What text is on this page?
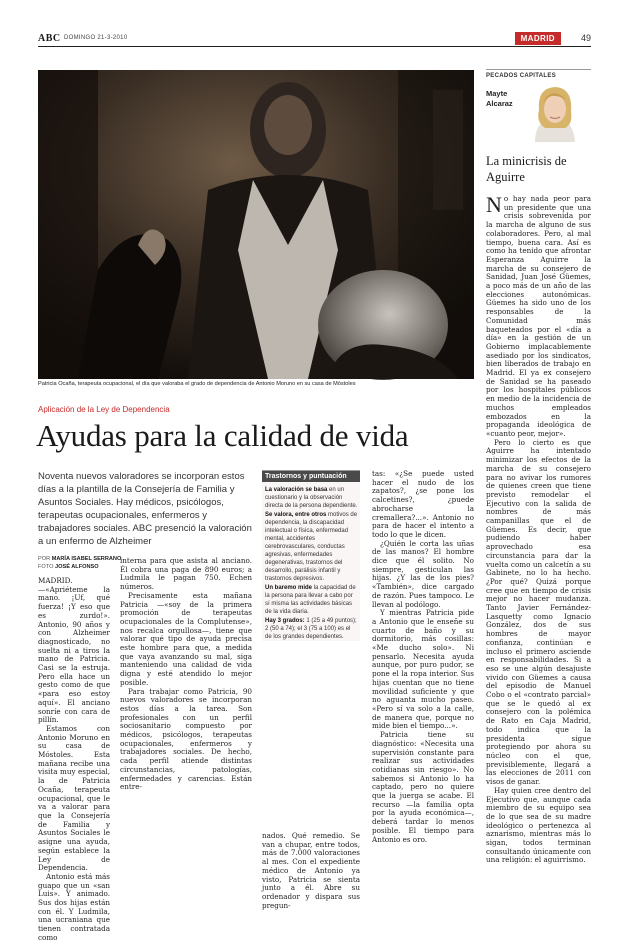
ABC DOMINGO 21-3-2010	MADRID	49
Patricia Ocaña, terapeuta ocupacional, el día que valoraba el grado de dependencia de Antonio Moruno en su casa de Móstoles
Aplicación de la Ley de Dependencia
Ayudas para la calidad de vida

Noventa nuevos valoradores se incorporan estos días a la plantilla de la Consejería de Familia y Asuntos Sociales. Hay médicos, psicólogos, terapeutas ocupacionales, enfermeros y trabajadores sociales. ABC presenció la valoración a un enfermo de Alzheimer

POR MARÍA ISABEL SERRANO
FOTO JOSÉ ALFONSO

MADRID. —«Apriéteme la mano. ¡Uf, qué fuerza! ¡Y eso que es zurdo!». Antonio, 90 años y con Alzheimer diagnosticado, no suelta ni a tiros la mano de Patricia. Casi se la estruja. Pero ella hace un gesto como de que «para eso estoy aquí». El anciano sonríe con cara de pillín.

Estamos con Antonio Moruno en su casa de Móstoles. Esta mañana recibe una visita muy especial, la de Patricia Ocaña, terapeuta ocupacional, que le va a valorar para que la Consejería de Familia y Asuntos Sociales le asigne una ayuda, según establece la Ley de Dependencia.

Antonio está más guapo que un «san Luis». Y animado. Sus dos hijas están con él. Y Ludmila, una ucraniana que tienen contratada como

interna para que asista al anciano. Él cobra una paga de 890 euros; a Ludmila le pagan 750. Echen números.

Precisamente esta mañana Patricia —«soy de la primera promoción de terapeutas ocupacionales de la Complutense», nos recalca orgullosa—, tiene que valorar qué tipo de ayuda precisa este hombre para que, a medida que vaya avanzando su mal, siga manteniendo una calidad de vida digna y esté atendido lo mejor posible.

Para trabajar como Patricia, 90 nuevos valoradores se incorporan estos días a la tarea. Son profesionales con un perfil sociosanitario compuesto por médicos, psicólogos, terapeutas ocupacionales, enfermeros y trabajadores sociales. De hecho, cada perfil atiende distintas circunstancias, patologías, enfermedades y carencias. Están entre-

Trastornos y puntuación

La valoración se basa en un cuestionario y la observación directa de la persona dependiente.

Se valora, entre otros motivos de dependencia, la discapacidad intelectual o física, enfermedad mental, accidentes cerebrovasculares, conductas agresivas, enfermedades degenerativas, trastornos del desarrollo, parálisis infantil y trastornos depresivos.

Un baremo mide la capacidad de la persona para llevar a cabo por sí misma las actividades básicas de la vida diaria.

Hay 3 grados: 1 (25 a 49 puntos); 2 (50 a 74); el 3 (75 a 100) es el de los grandes dependientes.

nados. Qué remedio. Se van a chupar, entre todos, más de 7.000 valoraciones al mes. Con el expediente médico de Antonio ya visto, Patricia se sienta junto a él. Abre su ordenador y dispara sus pregun-

tas: «¿Se puede usted hacer el nudo de los zapatos?, ¿se pone los calcetines?, ¿puede abrocharse la cremallera?...». Antonio no para de hacer el intento a todo lo que le dicen.

¿Quién le corta las uñas de las manos? El hombre dice que él solito. No siempre, gesticulan las hijas. ¿Y las de los pies? «También», dice cargado de razón. Pues tampoco. Le llevan al podólogo.

Y mientras Patricia pide a Antonio que le enseñe su cuarto de baño y su dormitorio, más cosillas: «Me ducho solo». Ni pensarlo. Necesita ayuda aunque, por puro pudor, se pone el la ropa interior. Sus hijas cuentan que no tiene movilidad suficiente y que no aguanta mucho paseo. «Pero sí va solo a la calle, de manera que, porque no mide bien el tiempo...».

Patricia tiene su diagnóstico: «Necesita una supervisión constante para realizar sus actividades cotidianas sin riesgo». No sabemos si Antonio lo ha captado, pero no quiere que la juerga se acabe. El recurso —la familia opta por la ayuda económica—, deberá tardar lo menos posible. El tiempo para Antonio es oro.

PECADOS CAPITALES
Mayte
Alcaraz
La minicrisis de Aguirre

No hay nada peor para un presidente que una crisis sobrevenida por la marcha de alguno de sus colaboradores. Pero, al mal tiempo, buena cara. Así es como ha tenido que afrontar Esperanza Aguirre la marcha de su consejero de Sanidad, Juan José Güemes, a poco más de un año de las elecciones autonómicas. Güemes ha sido uno de los responsables de la Comunidad más baqueteados por el «día a día» en la gestión de un Gobierno implacablemente asediado por los sindicatos, bien liberados de trabajo en Madrid. El ya ex consejero de Sanidad se ha paseado por los hospitales públicos en medio de la incidencia de muchos empleados embozados en la propaganda ideológica de «cuanto peor, mejor».

Pero lo cierto es que Aguirre ha intentado minimizar los efectos de la marcha de su consejero para no avivar los rumores de quienes creen que tiene previsto remodelar el Ejecutivo con la salida de nombres de más campanillas que el de Güemes. Es decir, que pudiendo haber aprovechado esa circunstancia para dar la vuelta como un calcetín a su Gabinete, no lo ha hecho. ¿Por qué? Quizá porque cree que en tiempo de crisis mejor no hacer mudanza. Tanto Javier Fernández-Lasquetty como Ignacio González, dos de sus hombres de mayor confianza, continúan e incluso el primero asciende en responsabilidades. Si a eso se une algún desajuste vivido con Güemes a causa del episodio de Manuel Cobo o el «contrato parcial» que se le quedó al ex consejero con la polémica de Rato en Caja Madrid, todo indica que la presidenta sigue protegiendo por ahora su núcleo con el que, previsiblemente, llegará a las elecciones de 2011 con visos de ganar.

Hay quien cree dentro del Ejecutivo que, aunque cada miembro de su equipo sea de lo que sea de su madre ideológico o pertenezca al aznarismo, mientras más lo sigan, todos terminan consultando únicamente con una religión: el aguirrismo.
